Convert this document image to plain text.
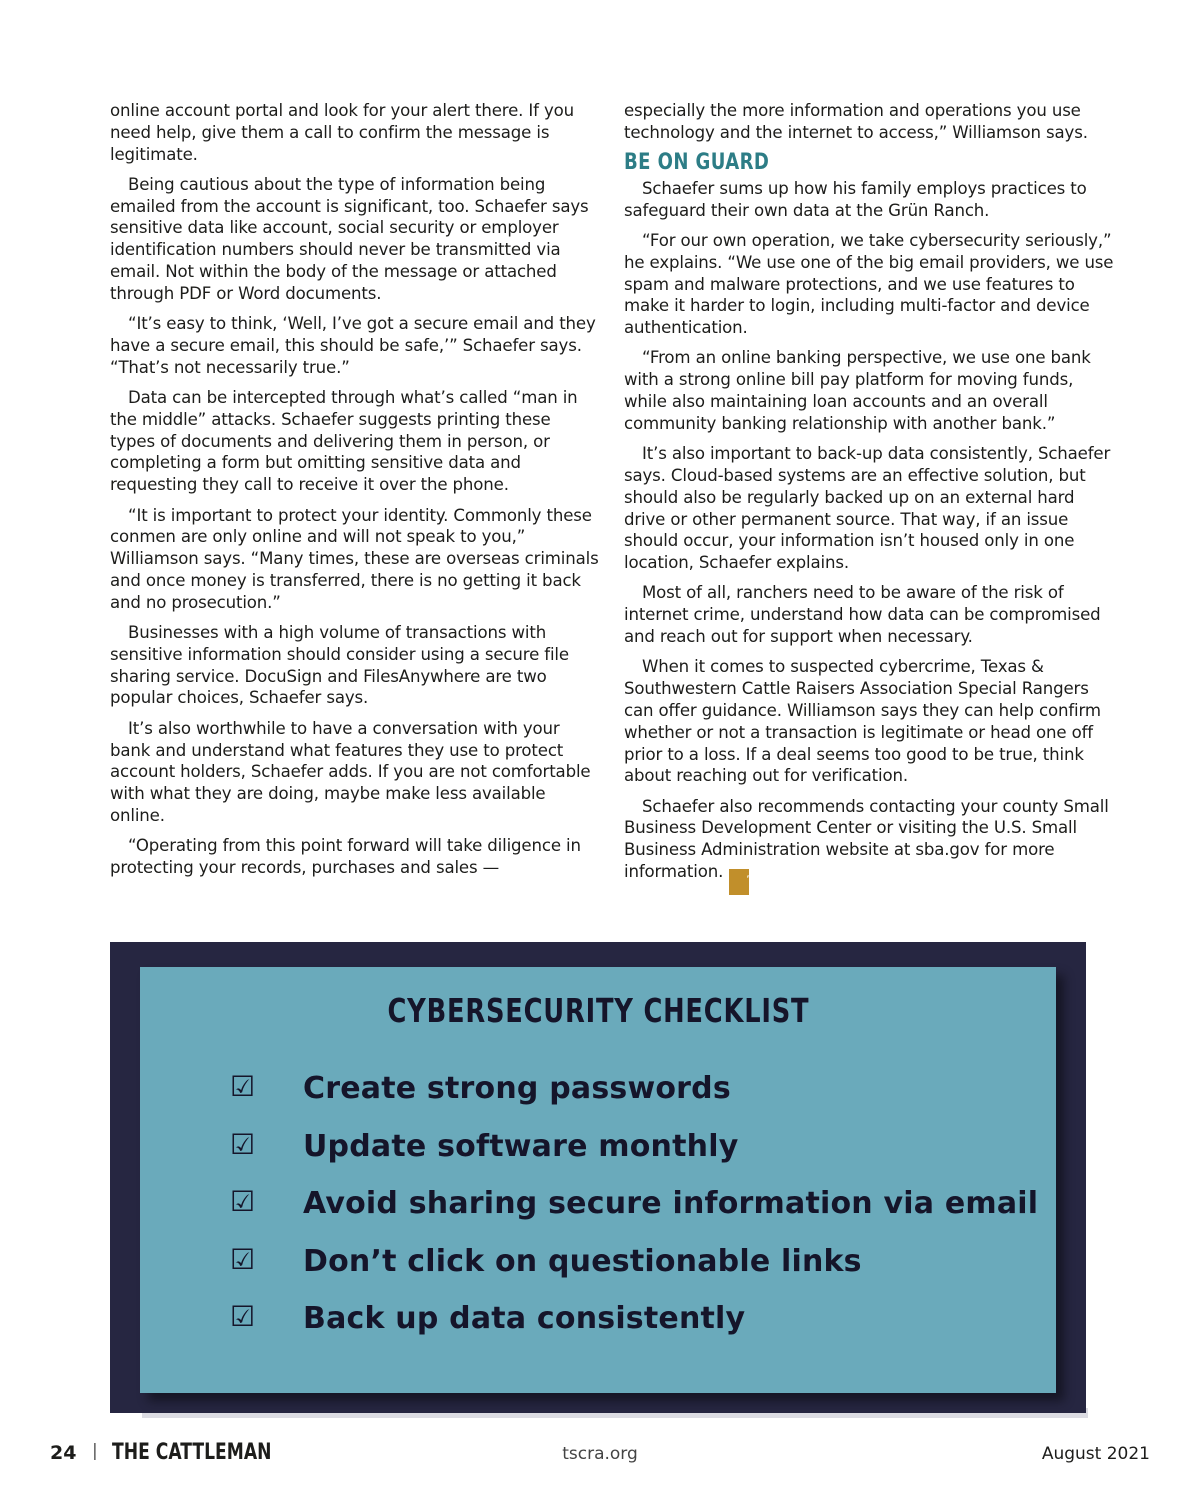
online account portal and look for your alert there. If you need help, give them a call to confirm the message is legitimate.

Being cautious about the type of information being emailed from the account is significant, too. Schaefer says sensitive data like account, social security or employer identification numbers should never be transmitted via email. Not within the body of the message or attached through PDF or Word documents.

“It’s easy to think, ‘Well, I’ve got a secure email and they have a secure email, this should be safe,’” Schaefer says. “That’s not necessarily true.”

Data can be intercepted through what’s called “man in the middle” attacks. Schaefer suggests printing these types of documents and delivering them in person, or completing a form but omitting sensitive data and requesting they call to receive it over the phone.

“It is important to protect your identity. Commonly these conmen are only online and will not speak to you,” Williamson says. “Many times, these are overseas criminals and once money is transferred, there is no getting it back and no prosecution.”

Businesses with a high volume of transactions with sensitive information should consider using a secure file sharing service. DocuSign and FilesAnywhere are two popular choices, Schaefer says.

It’s also worthwhile to have a conversation with your bank and understand what features they use to protect account holders, Schaefer adds. If you are not comfortable with what they are doing, maybe make less available online.

“Operating from this point forward will take diligence in protecting your records, purchases and sales —

especially the more information and operations you use technology and the internet to access,” Williamson says.

BE ON GUARD

Schaefer sums up how his family employs practices to safeguard their own data at the Grün Ranch.

“For our own operation, we take cybersecurity seriously,” he explains. “We use one of the big email providers, we use spam and malware protections, and we use features to make it harder to login, including multi-factor and device authentication.

“From an online banking perspective, we use one bank with a strong online bill pay platform for moving funds, while also maintaining loan accounts and an overall community banking relationship with another bank.”

It’s also important to back-up data consistently, Schaefer says. Cloud-based systems are an effective solution, but should also be regularly backed up on an external hard drive or other permanent source. That way, if an issue should occur, your information isn’t housed only in one location, Schaefer explains.

Most of all, ranchers need to be aware of the risk of internet crime, understand how data can be compromised and reach out for support when necessary.

When it comes to suspected cybercrime, Texas & Southwestern Cattle Raisers Association Special Rangers can offer guidance. Williamson says they can help confirm whether or not a transaction is legitimate or head one off prior to a loss. If a deal seems too good to be true, think about reaching out for verification.

Schaefer also recommends contacting your county Small Business Development Center or visiting the U.S. Small Business Administration website at sba.gov for more information.TC

CYBERSECURITY CHECKLIST
☑ Create strong passwords
☑ Update software monthly
☑ Avoid sharing secure information via email
☑ Don’t click on questionable links
☑ Back up data consistently
24 | THE CATTLEMAN	tscra.org	August 2021
